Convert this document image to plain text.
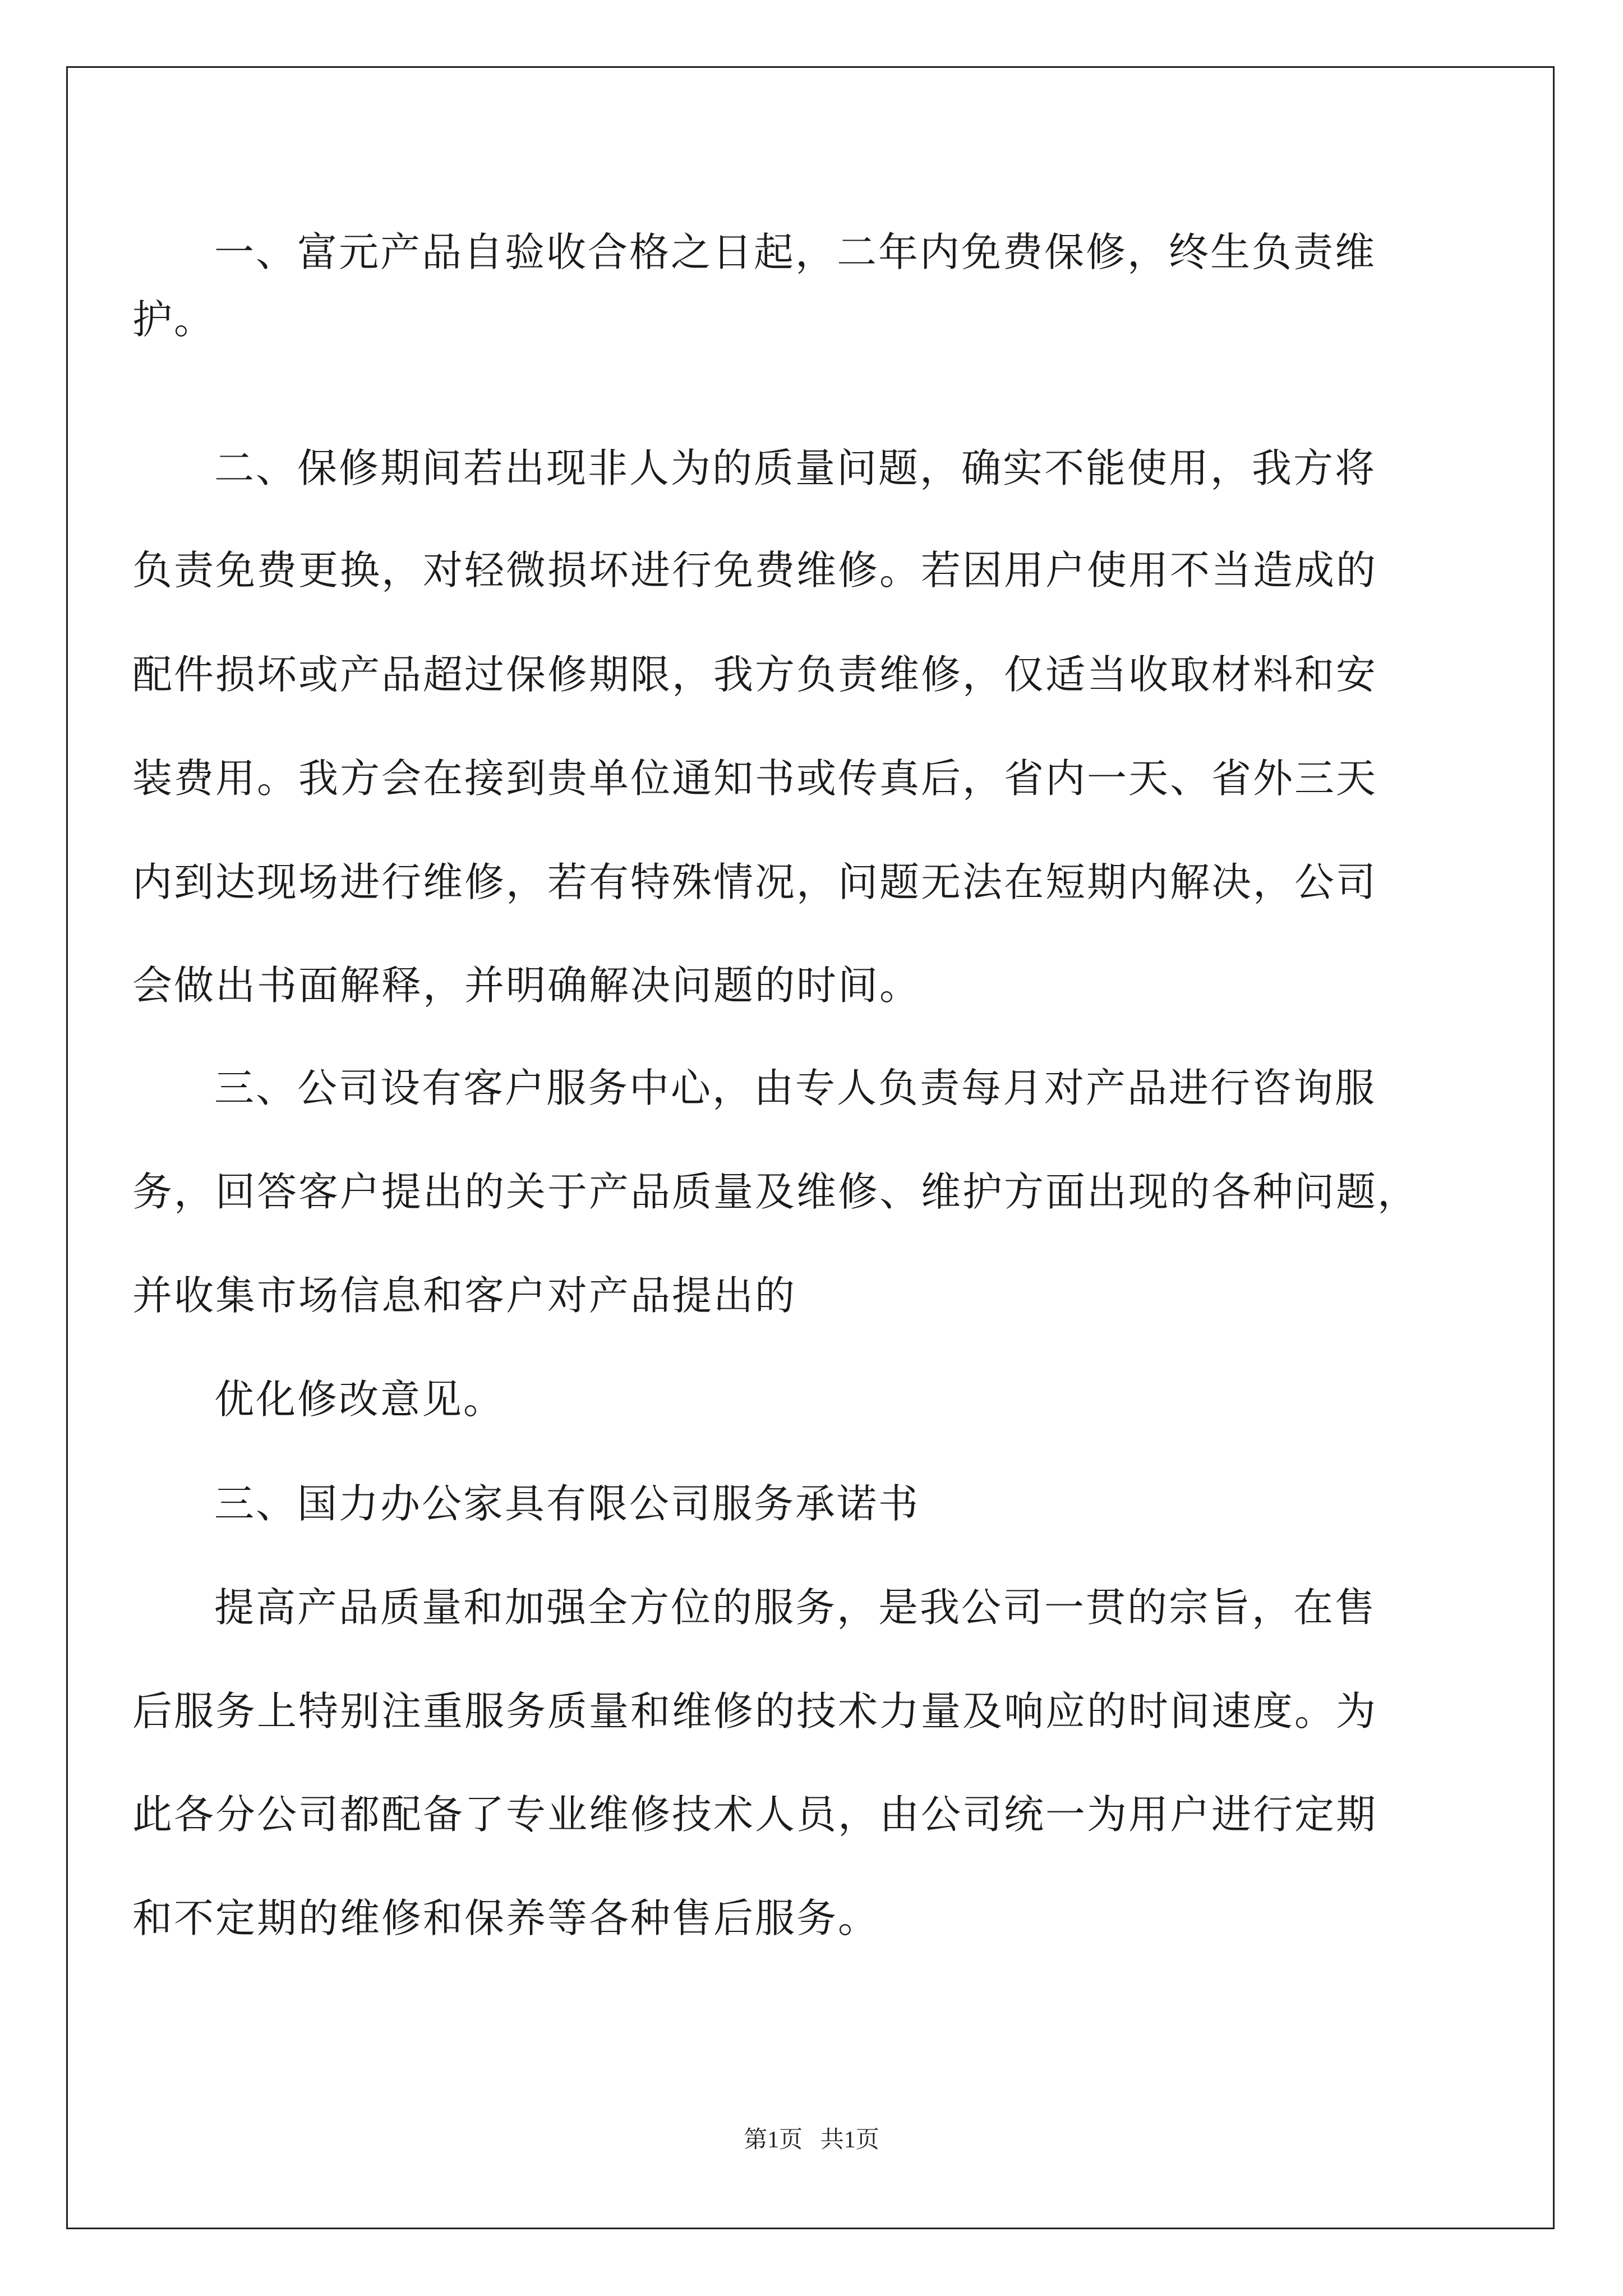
一、富元产品自验收合格之日起，二年内免费保修，终生负责维
护。
二、保修期间若出现非人为的质量问题，确实不能使用，我方将
负责免费更换，对轻微损坏进行免费维修。若因用户使用不当造成的
配件损坏或产品超过保修期限，我方负责维修，仅适当收取材料和安
装费用。我方会在接到贵单位通知书或传真后，省内一天、省外三天
内到达现场进行维修，若有特殊情况，问题无法在短期内解决，公司
会做出书面解释，并明确解决问题的时间。
三、公司设有客户服务中心，由专人负责每月对产品进行咨询服
务，回答客户提出的关于产品质量及维修、维护方面出现的各种问题，
并收集市场信息和客户对产品提出的
优化修改意见。
三、国力办公家具有限公司服务承诺书
提高产品质量和加强全方位的服务，是我公司一贯的宗旨，在售
后服务上特别注重服务质量和维修的技术力量及响应的时间速度。为
此各分公司都配备了专业维修技术人员，由公司统一为用户进行定期
和不定期的维修和保养等各种售后服务。
第1页   共1页
